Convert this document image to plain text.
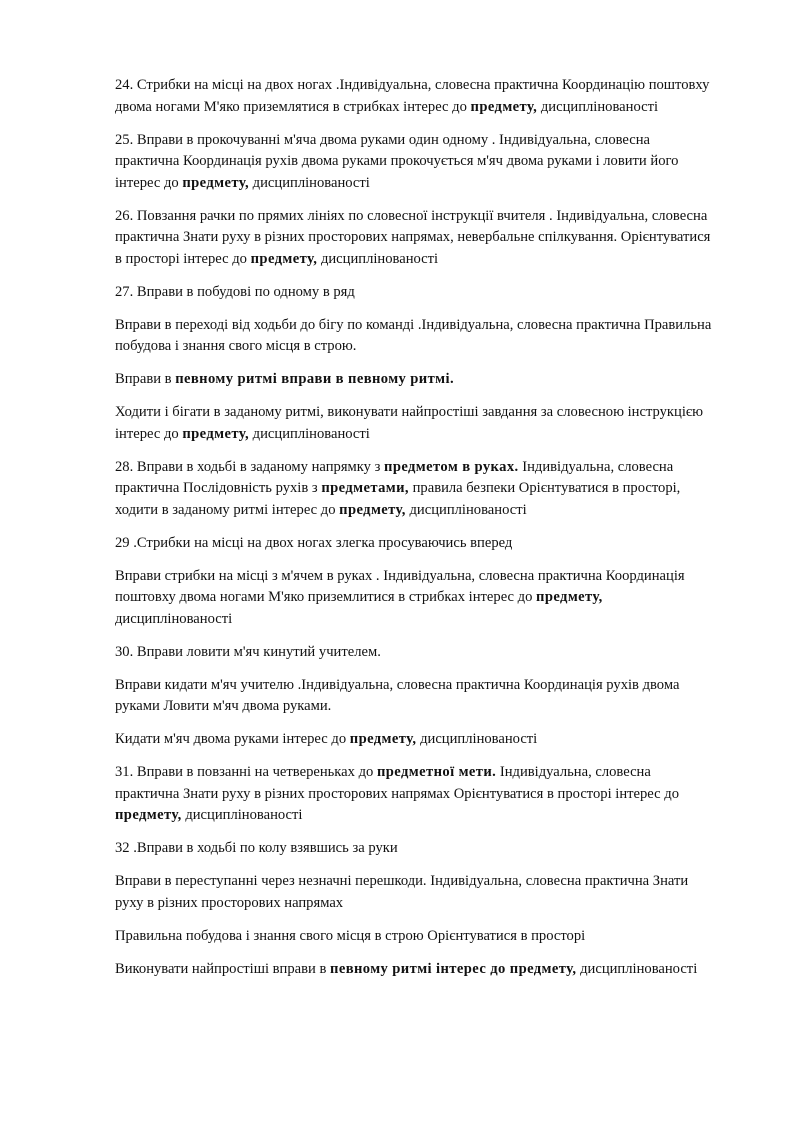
24. Стрибки на місці на двох ногах .Індивідуальна, словесна практична Координацію поштовху двома ногами М'яко приземлятися в стрибках інтерес до предмету, дисциплінованості

25. Вправи в прокочуванні м'яча двома руками один одному . Індивідуальна, словесна практична Координація рухів двома руками прокочується м'яч двома руками і ловити його інтерес до предмету, дисциплінованості

26. Повзання рачки по прямих лініях по словесної інструкції вчителя . Індивідуальна, словесна практична Знати руху в різних просторових напрямах, невербальне спілкування. Орієнтуватися в просторі інтерес до предмету, дисциплінованості

27. Вправи в побудові по одному в ряд

Вправи в переході від ходьби до бігу по команді .Індивідуальна, словесна практична Правильна побудова і знання свого місця в строю.

Вправи в певному ритмі вправи в певному ритмі.

Ходити і бігати в заданому ритмі, виконувати найпростіші завдання за словесною інструкцією інтерес до предмету, дисциплінованості

28. Вправи в ходьбі в заданому напрямку з предметом в руках. Індивідуальна, словесна практична Послідовність рухів з предметами, правила безпеки Орієнтуватися в просторі, ходити в заданому ритмі інтерес до предмету, дисциплінованості

29 .Стрибки на місці на двох ногах злегка просуваючись вперед

Вправи стрибки на місці з м'ячем в руках . Індивідуальна, словесна практична Координація поштовху двома ногами М'яко приземлитися в стрибках інтерес до предмету, дисциплінованості

30. Вправи ловити м'яч кинутий учителем.

Вправи кидати м'яч учителю .Індивідуальна, словесна практична Координація рухів двома руками Ловити м'яч двома руками.

Кидати м'яч двома руками інтерес до предмету, дисциплінованості

31. Вправи в повзанні на четвереньках до предметної мети. Індивідуальна, словесна практична Знати руху в різних просторових напрямах Орієнтуватися в просторі інтерес до предмету, дисциплінованості

32 .Вправи в ходьбі по колу взявшись за руки

Вправи в переступанні через незначні перешкоди. Індивідуальна, словесна практична Знати руху в різних просторових напрямах

Правильна побудова і знання свого місця в строю Орієнтуватися в просторі

Виконувати найпростіші вправи в певному ритмі інтерес до предмету, дисциплінованості
